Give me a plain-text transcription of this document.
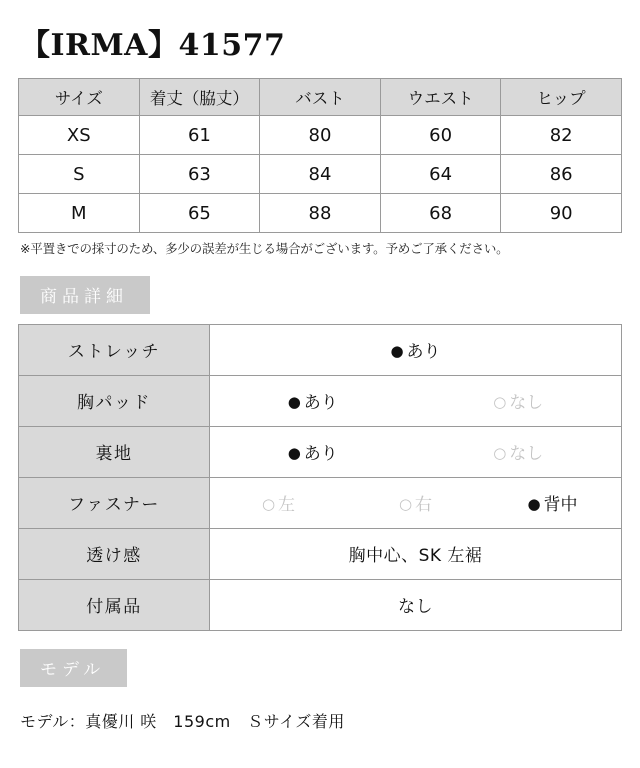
【IRMA】41577
サイズ	着丈（脇丈）	バスト	ウエスト	ヒップ
XS	61	80	60	82
S	63	84	64	86
M	65	88	68	90
※平置きでの採寸のため、多少の誤差が生じる場合がございます。予めご了承ください。
商品詳細
ストレッチ	● あり

胸パッド	● あり ○ なし

裏地	● あり ○ なし

ファスナー	○ 左 ○ 右 ● 背中

透け感	胸中心、SK 左裾

付属品	なし
モデル
モデル：真優川 咲　159cm　Ｓサイズ着用
